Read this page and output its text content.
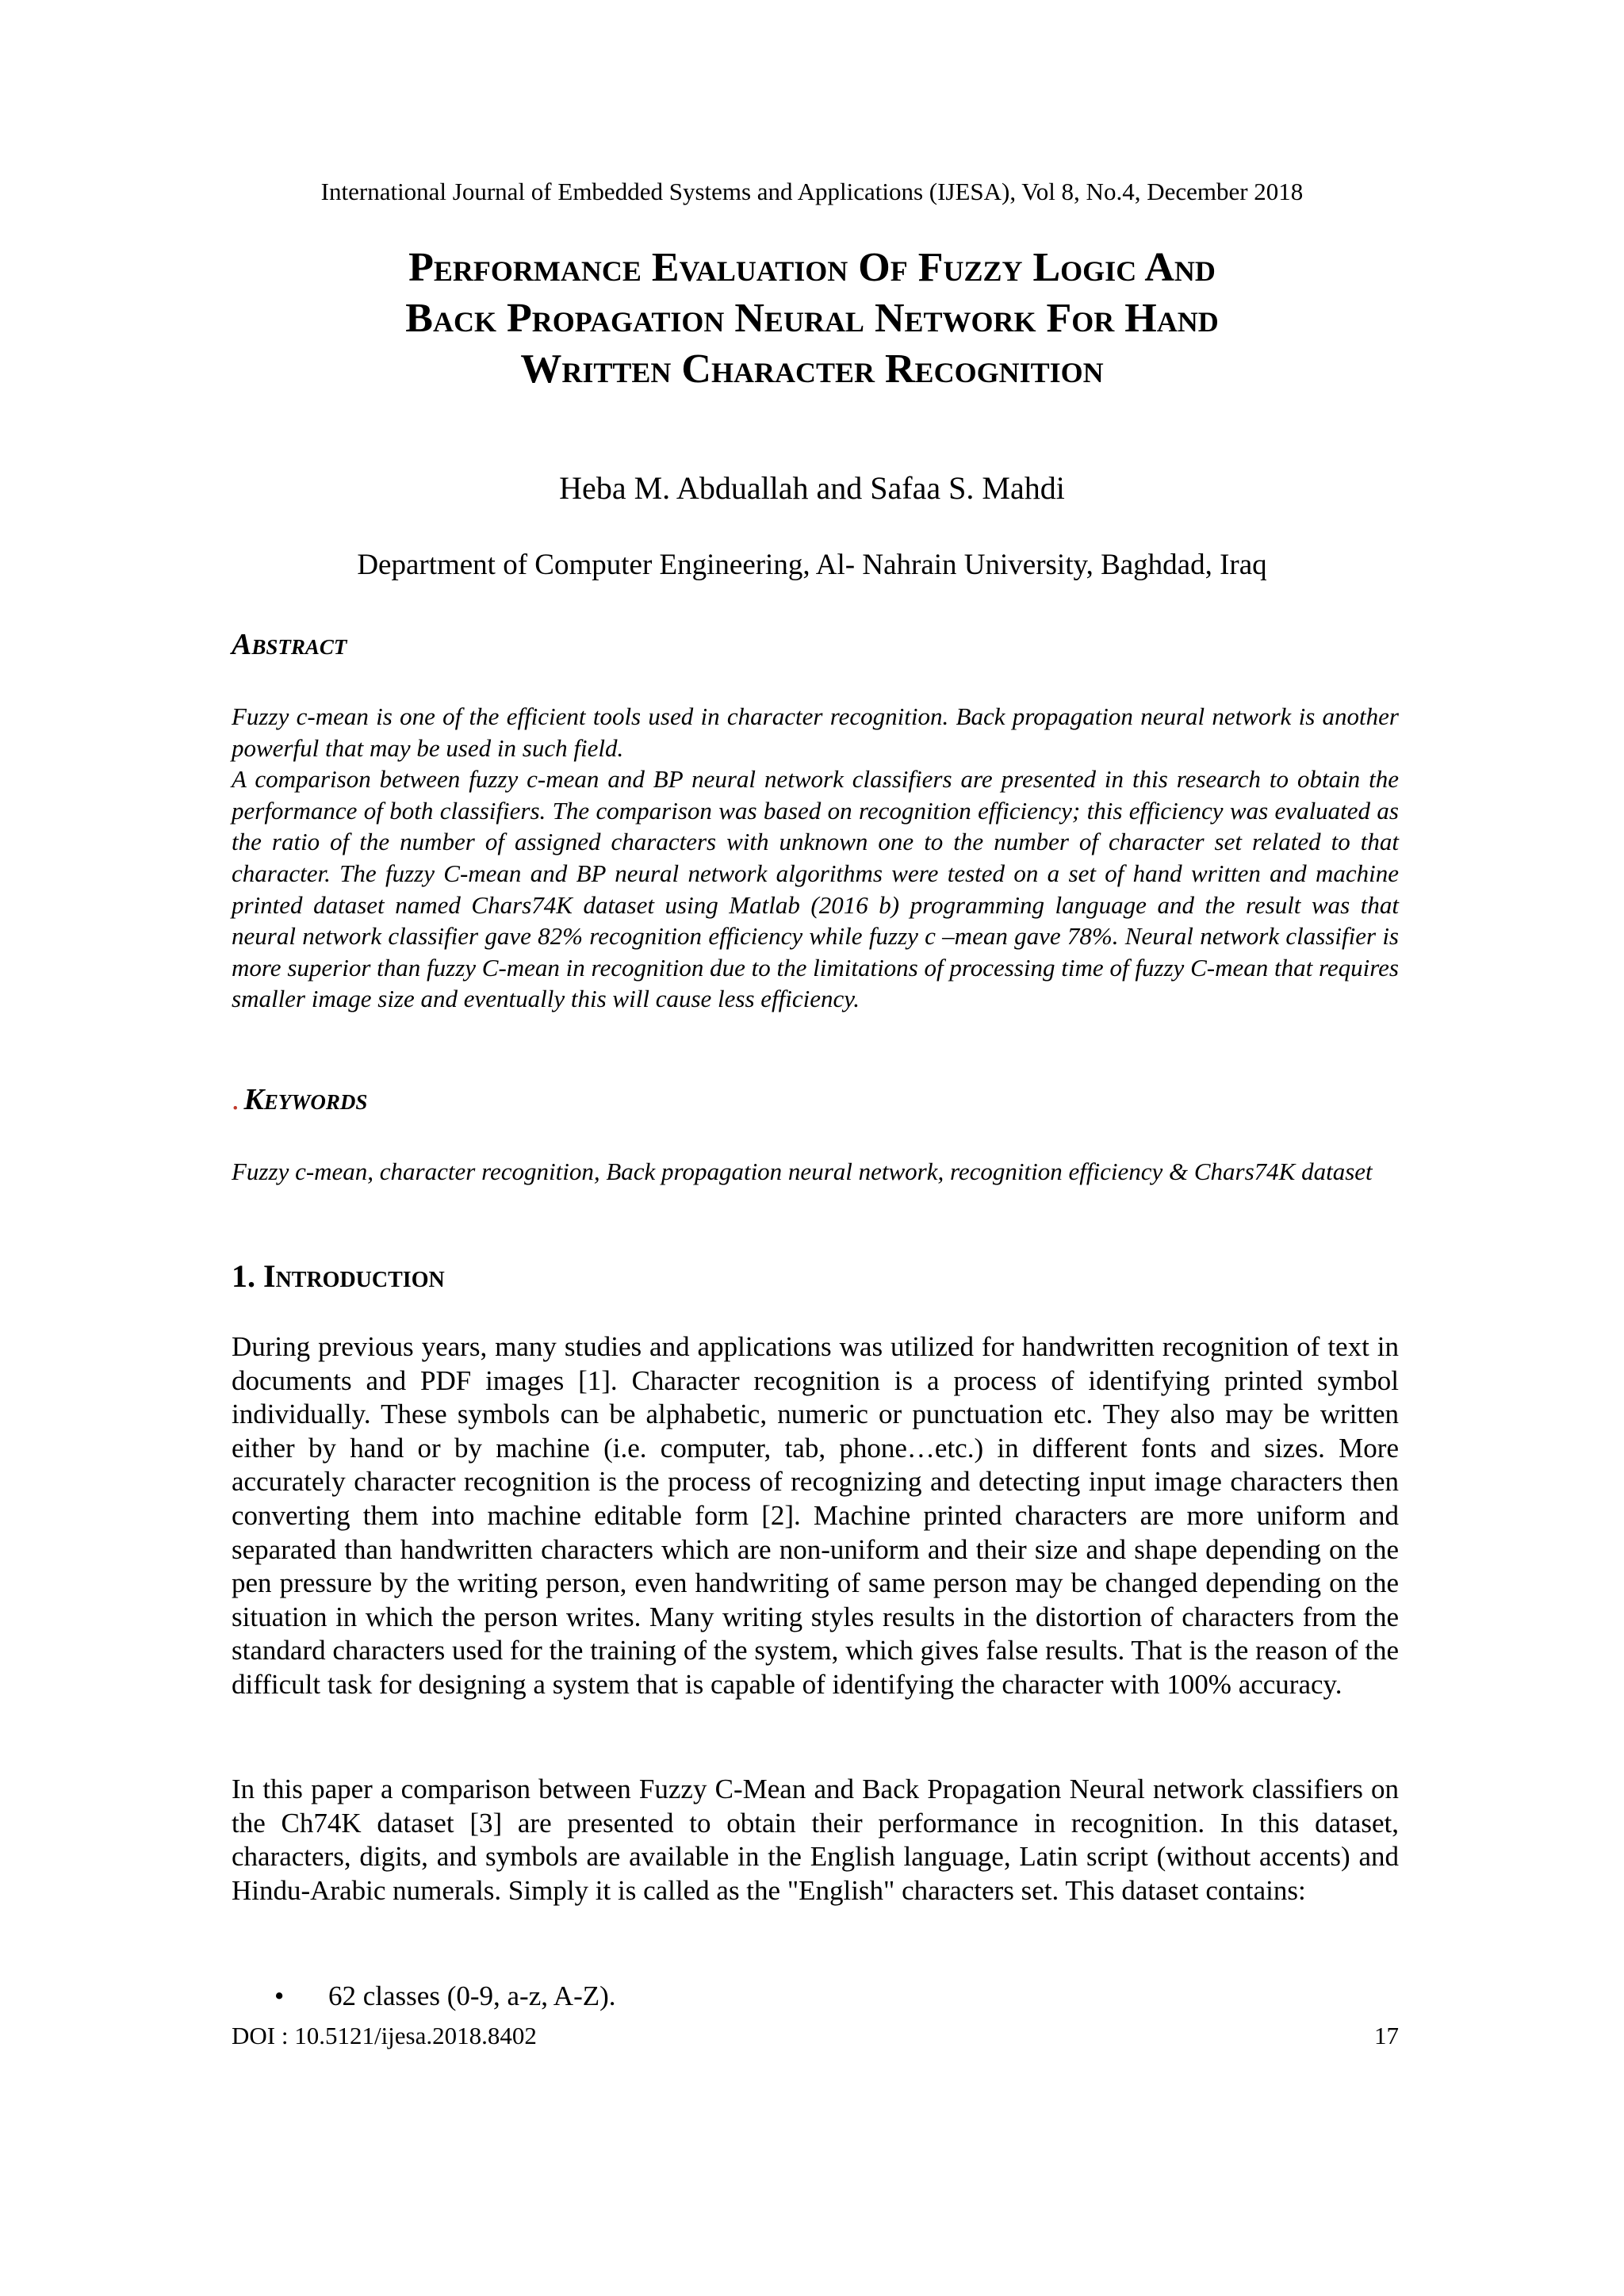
International Journal of Embedded Systems and Applications (IJESA), Vol 8, No.4, December 2018
Performance Evaluation Of Fuzzy Logic And
Back Propagation Neural Network For Hand
Written Character Recognition
Heba M. Abduallah and Safaa S. Mahdi
Department of Computer Engineering, Al- Nahrain University, Baghdad, Iraq
Abstract

Fuzzy c-mean is one of the efficient tools used in character recognition. Back propagation neural network is another powerful that may be used in such field.

A comparison between fuzzy c-mean and BP neural network classifiers are presented in this research to obtain the performance of both classifiers. The comparison was based on recognition efficiency; this efficiency was evaluated as the ratio of the number of assigned characters with unknown one to the number of character set related to that character. The fuzzy C-mean and BP neural network algorithms were tested on a set of hand written and machine printed dataset named Chars74K dataset using Matlab (2016 b) programming language and the result was that neural network classifier gave 82% recognition efficiency while fuzzy c –mean gave 78%. Neural network classifier is more superior than fuzzy C-mean in recognition due to the limitations of processing time of fuzzy C-mean that requires smaller image size and eventually this will cause less efficiency.

. Keywords

Fuzzy c-mean, character recognition, Back propagation neural network, recognition efficiency & Chars74K dataset

1. Introduction

During previous years, many studies and applications was utilized for handwritten recognition of text in documents and PDF images [1]. Character recognition is a process of identifying printed symbol individually. These symbols can be alphabetic, numeric or punctuation etc. They also may be written either by hand or by machine (i.e. computer, tab, phone…etc.) in different fonts and sizes. More accurately character recognition is the process of recognizing and detecting input image characters then converting them into machine editable form [2]. Machine printed characters are more uniform and separated than handwritten characters which are non-uniform and their size and shape depending on the pen pressure by the writing person, even handwriting of same person may be changed depending on the situation in which the person writes. Many writing styles results in the distortion of characters from the standard characters used for the training of the system, which gives false results. That is the reason of the difficult task for designing a system that is capable of identifying the character with 100% accuracy.

In this paper a comparison between Fuzzy C-Mean and Back Propagation Neural network classifiers on the Ch74K dataset [3] are presented to obtain their performance in recognition. In this dataset, characters, digits, and symbols are available in the English language, Latin script (without accents) and Hindu-Arabic numerals. Simply it is called as the "English" characters set. This dataset contains:

• 62 classes (0-9, a-z, A-Z).
DOI : 10.5121/ijesa.2018.8402	17
